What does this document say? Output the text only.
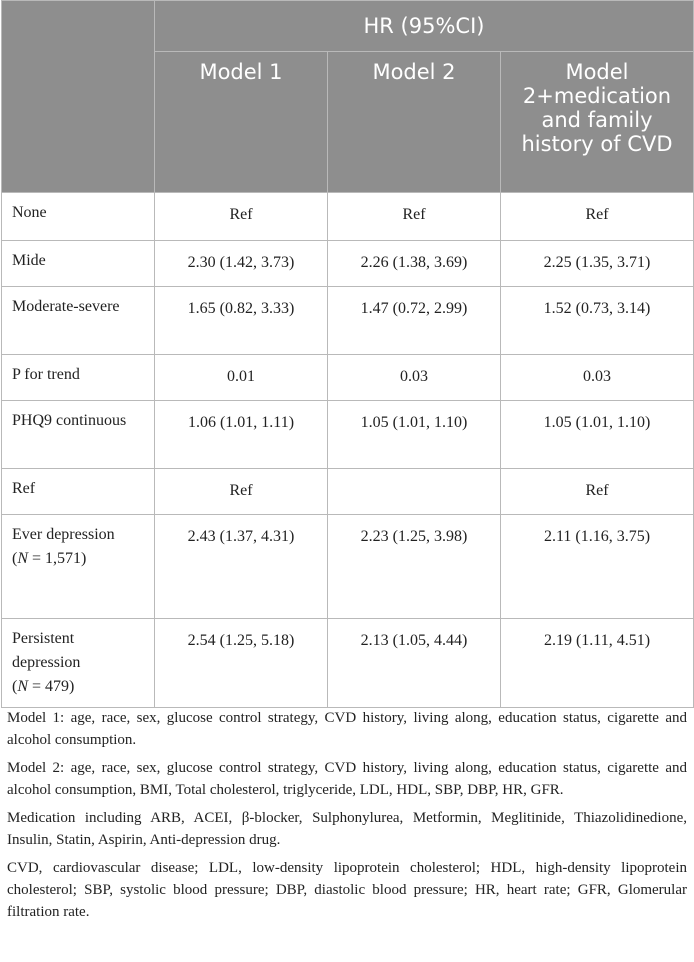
	HR (95%CI)		
	Model 1	Model 2	Model 2+medication and family history of CVD
None	Ref	Ref	Ref
Mide	2.30 (1.42, 3.73)	2.26 (1.38, 3.69)	2.25 (1.35, 3.71)
Moderate-severe	1.65 (0.82, 3.33)	1.47 (0.72, 2.99)	1.52 (0.73, 3.14)
P for trend	0.01	0.03	0.03
PHQ9 continuous	1.06 (1.01, 1.11)	1.05 (1.01, 1.10)	1.05 (1.01, 1.10)
Ref	Ref		Ref
Ever depression
(N = 1,571)	2.43 (1.37, 4.31)	2.23 (1.25, 3.98)	2.11 (1.16, 3.75)
Persistent depression
(N = 479)	2.54 (1.25, 5.18)	2.13 (1.05, 4.44)	2.19 (1.11, 4.51)

Model 1: age, race, sex, glucose control strategy, CVD history, living along, education status, cigarette and alcohol consumption.

Model 2: age, race, sex, glucose control strategy, CVD history, living along, education status, cigarette and alcohol consumption, BMI, Total cholesterol, triglyceride, LDL, HDL, SBP, DBP, HR, GFR.

Medication including ARB, ACEI, β-blocker, Sulphonylurea, Metformin, Meglitinide, Thiazolidinedione, Insulin, Statin, Aspirin, Anti-depression drug.

CVD, cardiovascular disease; LDL, low-density lipoprotein cholesterol; HDL, high-density lipoprotein cholesterol; SBP, systolic blood pressure; DBP, diastolic blood pressure; HR, heart rate; GFR, Glomerular filtration rate.
